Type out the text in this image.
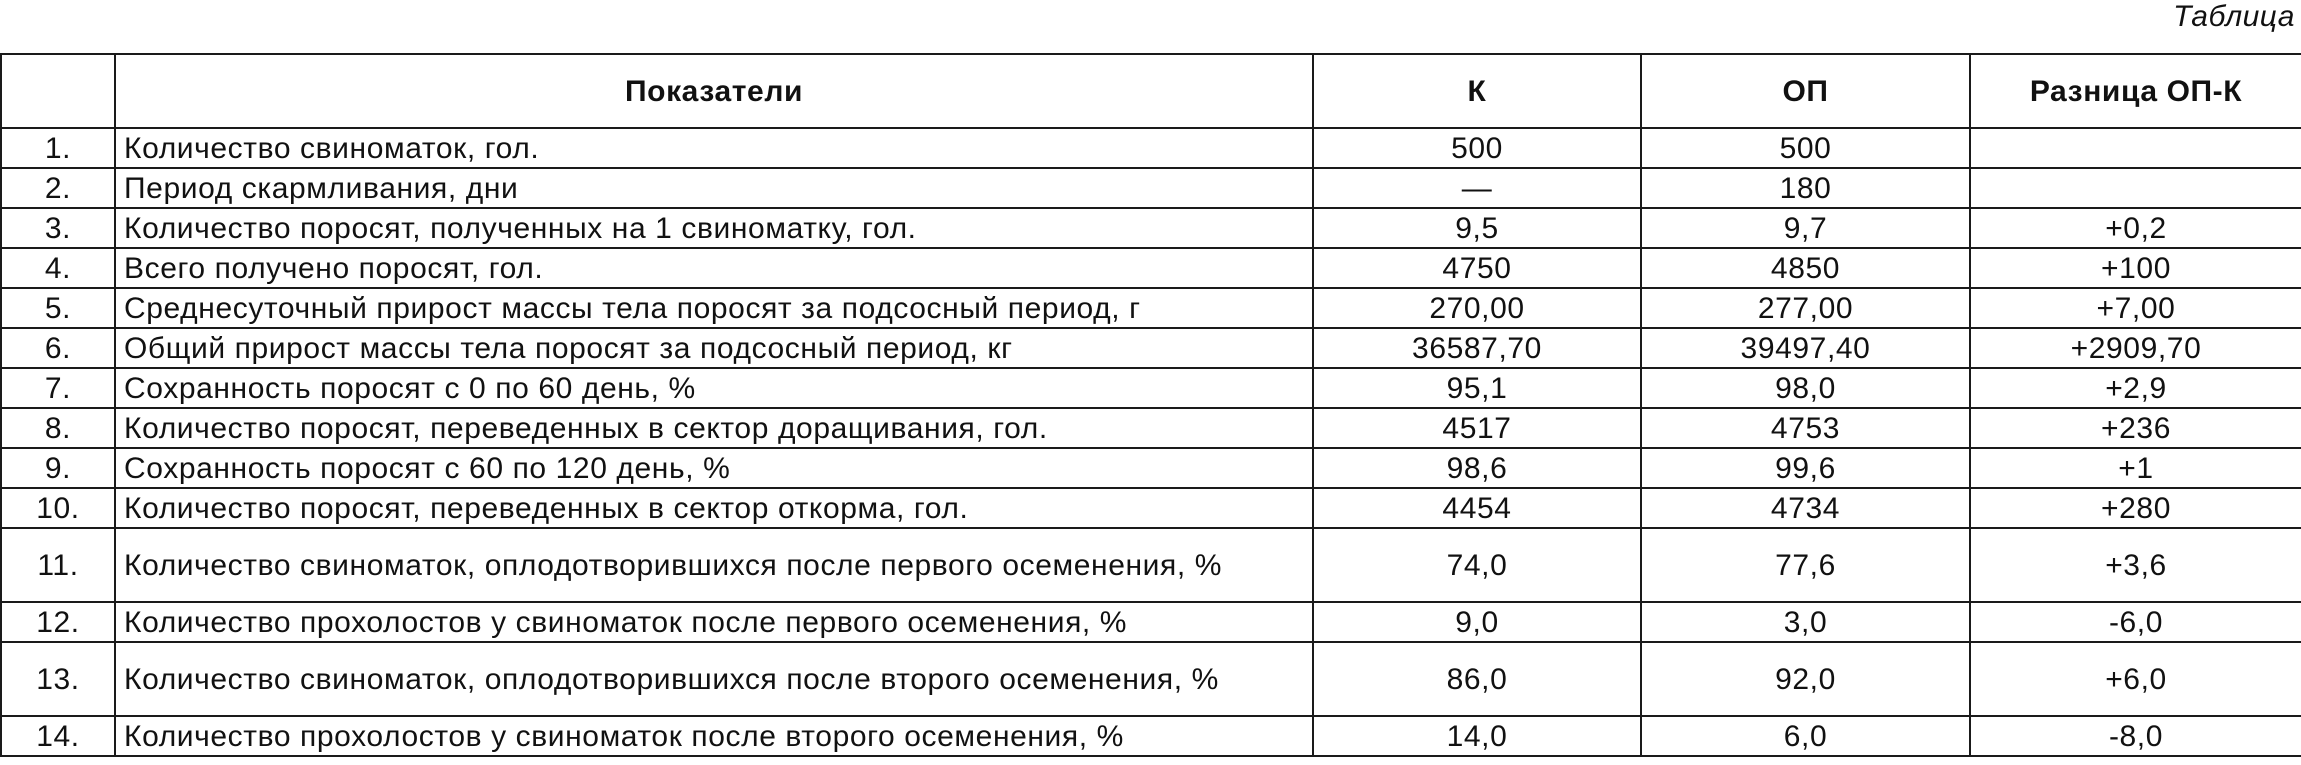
Таблица
	Показатели	К	ОП	Разница ОП-К
1.	Количество свиноматок, гол.	500	500	
2.	Период скармливания, дни	—	180	
3.	Количество поросят, полученных на 1 свиноматку, гол.	9,5	9,7	+0,2
4.	Всего получено поросят, гол.	4750	4850	+100
5.	Среднесуточный прирост массы тела поросят за подсосный период, г	270,00	277,00	+7,00
6.	Общий прирост массы тела поросят за подсосный период, кг	36587,70	39497,40	+2909,70
7.	Сохранность поросят с 0 по 60 день, %	95,1	98,0	+2,9
8.	Количество поросят, переведенных в сектор доращивания, гол.	4517	4753	+236
9.	Сохранность поросят с 60 по 120 день, %	98,6	99,6	+1
10.	Количество поросят, переведенных в сектор откорма, гол.	4454	4734	+280
11.	Количество свиноматок, оплодотворившихся после первого осеменения, %	74,0	77,6	+3,6
12.	Количество прохолостов у свиноматок после первого осеменения, %	9,0	3,0	-6,0
13.	Количество свиноматок, оплодотворившихся после второго осеменения, %	86,0	92,0	+6,0
14.	Количество прохолостов у свиноматок после второго осеменения, %	14,0	6,0	-8,0
